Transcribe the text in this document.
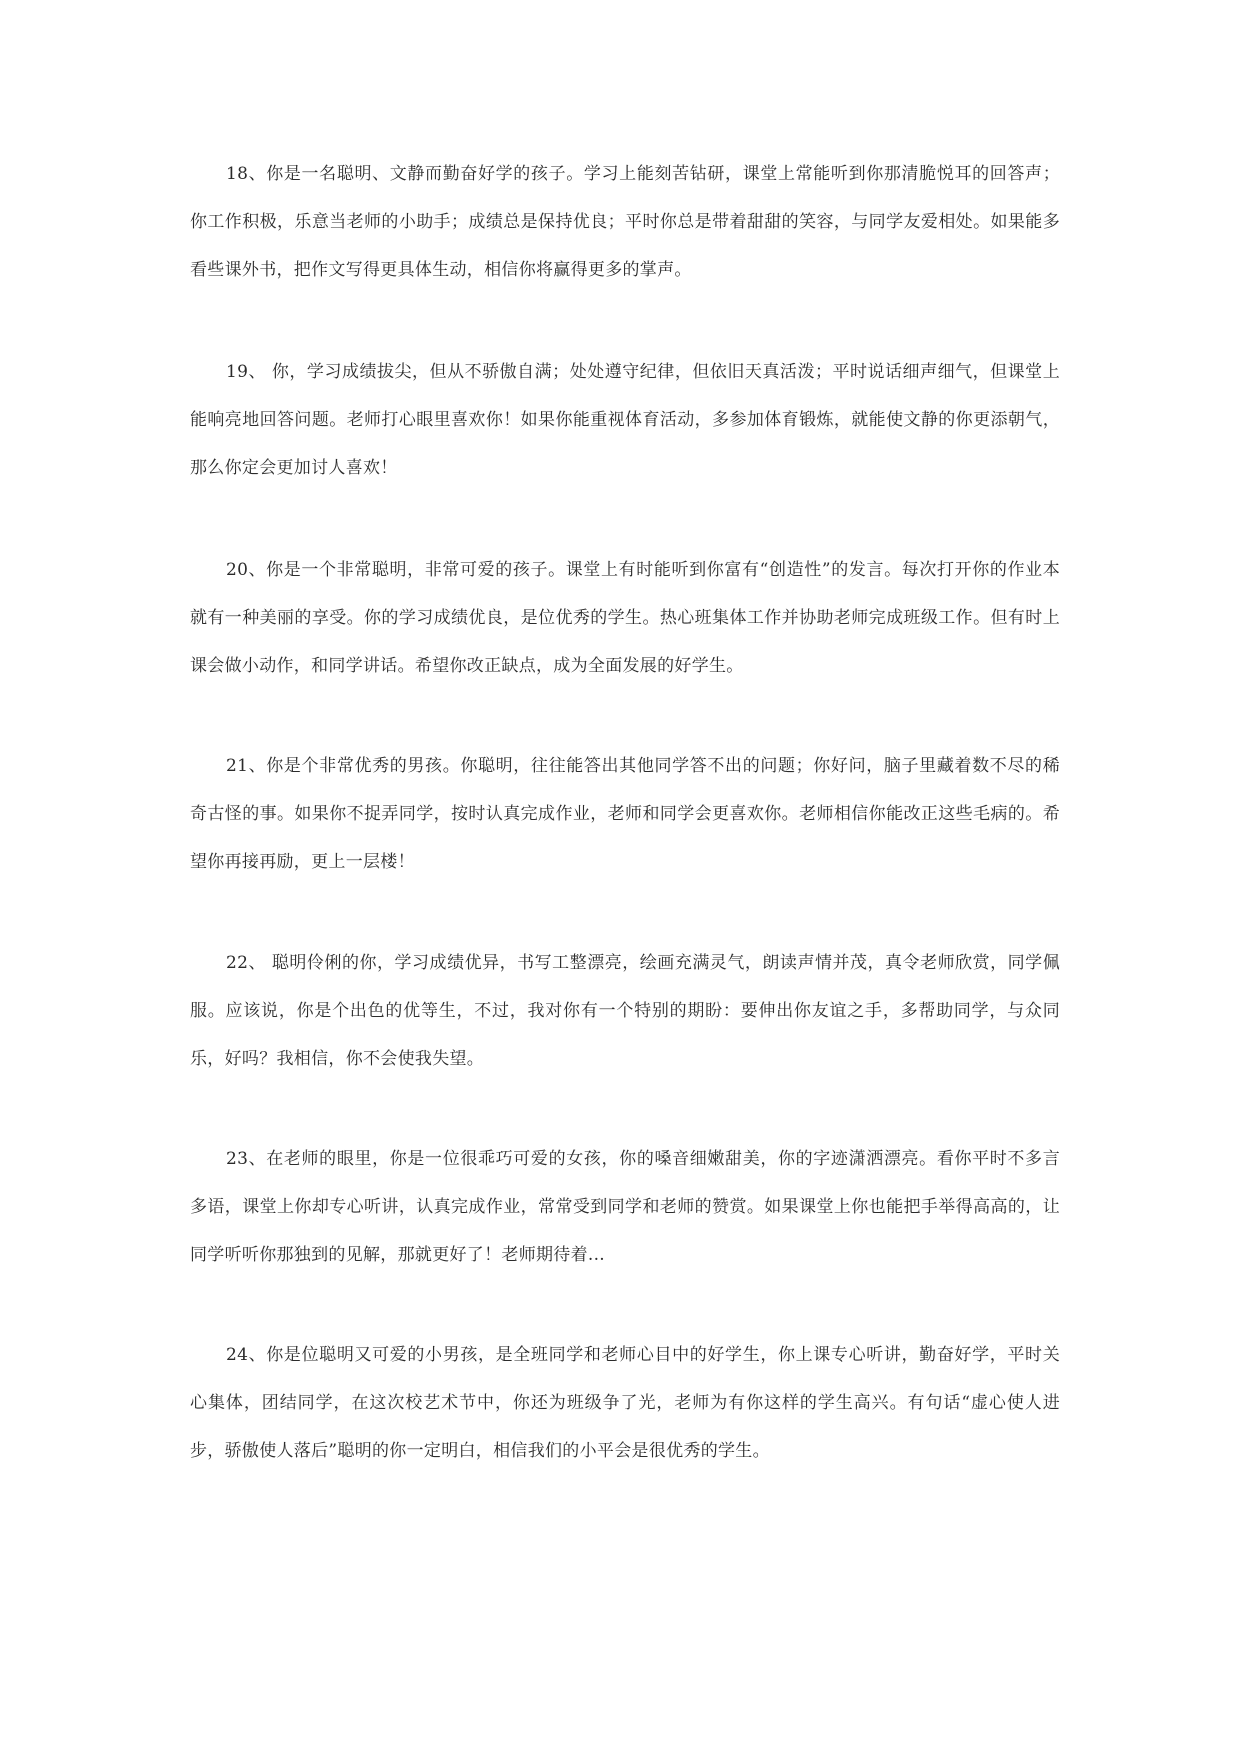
18、你是一名聪明、文静而勤奋好学的孩子。学习上能刻苦钻研，课堂上常能听到你那清脆悦耳的回答声；你工作积极，乐意当老师的小助手；成绩总是保持优良；平时你总是带着甜甜的笑容，与同学友爱相处。如果能多看些课外书，把作文写得更具体生动，相信你将赢得更多的掌声。

19、 你，学习成绩拔尖，但从不骄傲自满；处处遵守纪律，但依旧天真活泼；平时说话细声细气，但课堂上能响亮地回答问题。老师打心眼里喜欢你！如果你能重视体育活动，多参加体育锻炼，就能使文静的你更添朝气，那么你定会更加讨人喜欢！

20、你是一个非常聪明，非常可爱的孩子。课堂上有时能听到你富有“创造性”的发言。每次打开你的作业本就有一种美丽的享受。你的学习成绩优良，是位优秀的学生。热心班集体工作并协助老师完成班级工作。但有时上课会做小动作，和同学讲话。希望你改正缺点，成为全面发展的好学生。

21、你是个非常优秀的男孩。你聪明，往往能答出其他同学答不出的问题；你好问，脑子里藏着数不尽的稀奇古怪的事。如果你不捉弄同学，按时认真完成作业，老师和同学会更喜欢你。老师相信你能改正这些毛病的。希望你再接再励，更上一层楼！

22、 聪明伶俐的你，学习成绩优异，书写工整漂亮，绘画充满灵气，朗读声情并茂，真令老师欣赏，同学佩服。应该说，你是个出色的优等生，不过，我对你有一个特别的期盼：要伸出你友谊之手，多帮助同学，与众同乐，好吗？我相信，你不会使我失望。

23、在老师的眼里，你是一位很乖巧可爱的女孩，你的嗓音细嫩甜美，你的字迹潇洒漂亮。看你平时不多言多语，课堂上你却专心听讲，认真完成作业，常常受到同学和老师的赞赏。如果课堂上你也能把手举得高高的，让同学听听你那独到的见解，那就更好了！老师期待着...

24、你是位聪明又可爱的小男孩，是全班同学和老师心目中的好学生，你上课专心听讲，勤奋好学，平时关心集体，团结同学，在这次校艺术节中，你还为班级争了光，老师为有你这样的学生高兴。有句话“虚心使人进步，骄傲使人落后”聪明的你一定明白，相信我们的小平会是很优秀的学生。
